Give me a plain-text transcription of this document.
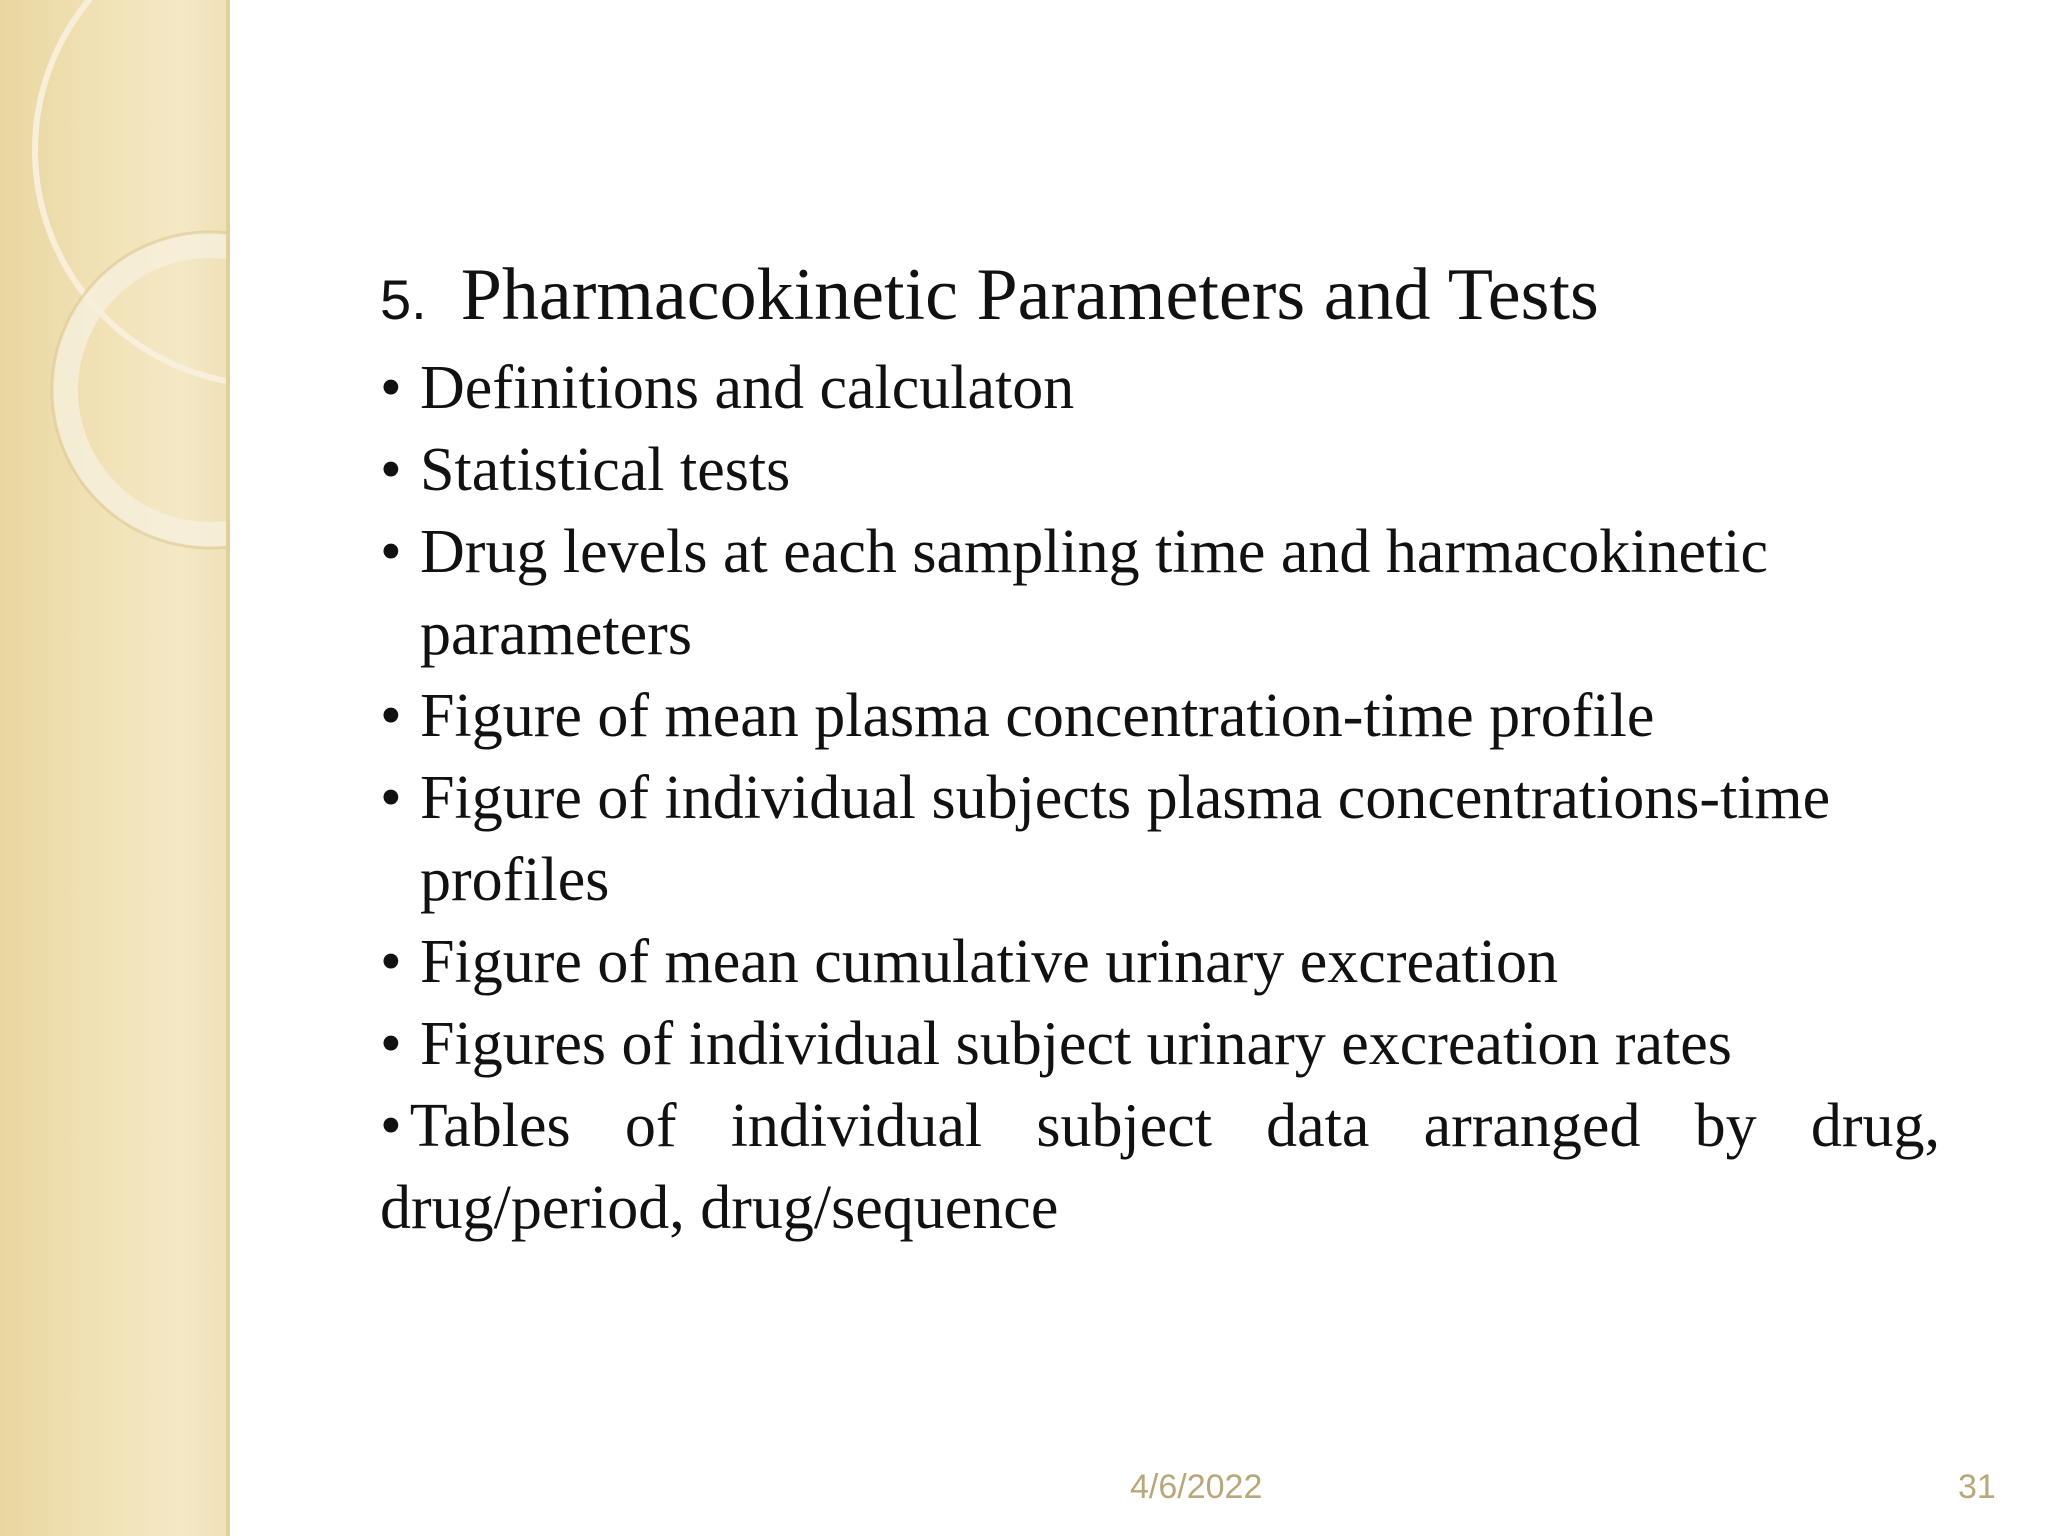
5. Pharmacokinetic Parameters and Tests
• Definitions and calculaton
• Statistical tests
• Drug levels at each sampling time and harmacokinetic parameters
• Figure of mean plasma concentration-time profile
• Figure of individual subjects plasma concentrations-time profiles
• Figure of mean cumulative urinary excreation
• Figures of individual subject urinary excreation rates
• Tables of individual subject data arranged by drug, drug/period, drug/sequence
4/6/2022	31
